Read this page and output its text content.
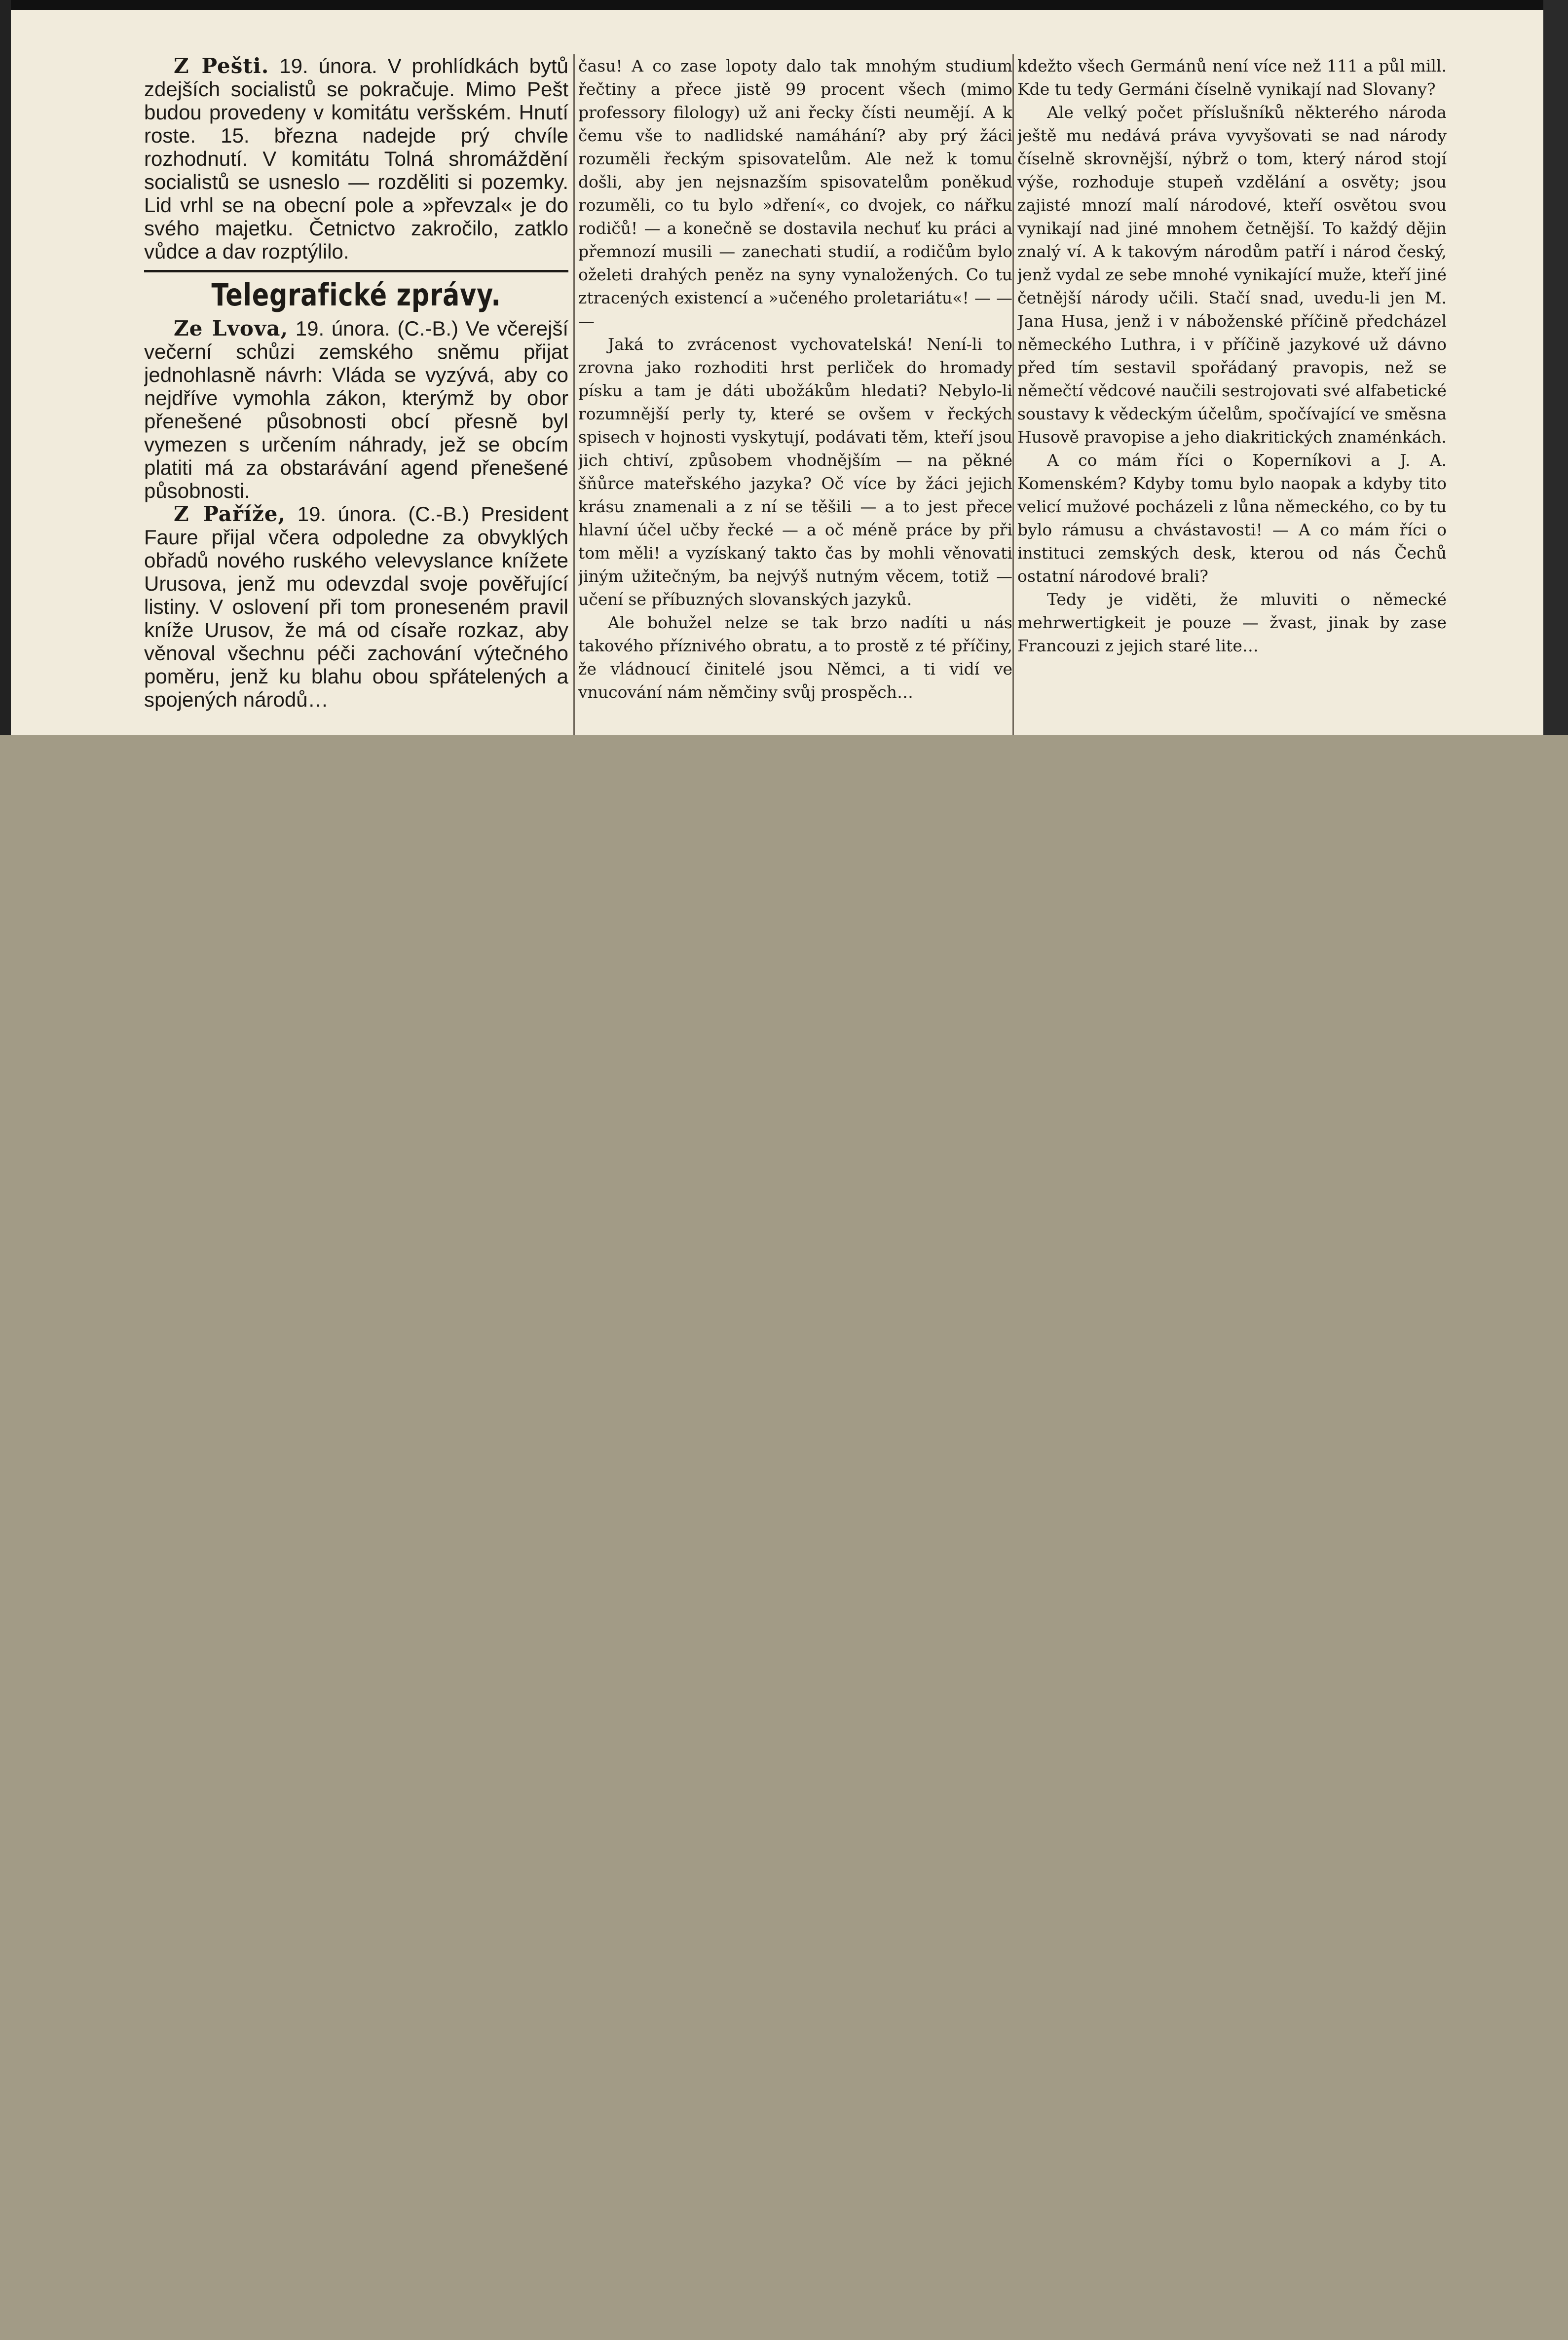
Z Pešti. 19. února. V prohlídkách bytů zdejších socialistů se pokračuje. Mimo Pešt budou provedeny v komitátu veršském. Hnutí roste. 15. března nadejde prý chvíle rozhodnutí. V komitátu Tolná shromáždění socialistů se usneslo — rozděliti si pozemky. Lid vrhl se na obecní pole a »převzal« je do svého majetku. Četnictvo zakročilo, zatklo vůdce a dav rozptýlilo.

Telegrafické zprávy.

Ze Lvova, 19. února. (C.-B.) Ve včerejší večerní schůzi zemského sněmu přijat jednohlasně návrh: Vláda se vyzývá, aby co nejdříve vymohla zákon, kterýmž by obor přenešené působnosti obcí přesně byl vymezen s určením náhrady, jež se obcím platiti má za obstarávání agend přenešené působnosti.

Z Paříže, 19. února. (C.-B.) President Faure přijal včera odpoledne za obvyklých obřadů nového ruského velevyslance knížete Urusova, jenž mu odevzdal svoje pověřující listiny. V oslovení při tom proneseném pravil kníže Urusov, že má od císaře rozkaz, aby věnoval všechnu péči zachování výtečného poměru, jenž ku blahu obou spřátelených a spojených národů…

času! A co zase lopoty dalo tak mnohým studium řečtiny a přece jistě 99 procent všech (mimo professory filology) už ani řecky čísti neumějí. A k čemu vše to nadlidské namáhání? aby prý žáci rozuměli řeckým spisovatelům. Ale než k tomu došli, aby jen nejsnazším spisovatelům poněkud rozuměli, co tu bylo »dření«, co dvojek, co nářku rodičů! — a konečně se dostavila nechuť ku práci a přemnozí musili — zanechati studií, a rodičům bylo oželeti drahých peněz na syny vynaložených. Co tu ztracených existencí a »učeného proletariátu«! — — —

Jaká to zvrácenost vychovatelská! Není-li to zrovna jako rozhoditi hrst perliček do hromady písku a tam je dáti ubožákům hledati? Nebylo-li rozumnější perly ty, které se ovšem v řeckých spisech v hojnosti vyskytují, podávati těm, kteří jsou jich chtiví, způsobem vhodnějším — na pěkné šňůrce mateřského jazyka? Oč více by žáci jejich krásu znamenali a z ní se těšili — a to jest přece hlavní účel učby řecké — a oč méně práce by při tom měli! a vyzískaný takto čas by mohli věnovati jiným užitečným, ba nejvýš nutným věcem, totiž — učení se příbuzných slovanských jazyků.

Ale bohužel nelze se tak brzo nadíti u nás takového příznivého obratu, a to prostě z té příčiny, že vládnoucí činitelé jsou Němci, a ti vidí ve vnucování nám němčiny svůj prospěch…

kdežto všech Germánů není více než 111 a půl mill. Kde tu tedy Germáni číselně vynikají nad Slovany?

Ale velký počet příslušníků některého národa ještě mu nedává práva vyvyšovati se nad národy číselně skrovnější, nýbrž o tom, který národ stojí výše, rozhoduje stupeň vzdělání a osvěty; jsou zajisté mnozí malí národové, kteří osvětou svou vynikají nad jiné mnohem četnější. To každý dějin znalý ví. A k takovým národům patří i národ český, jenž vydal ze sebe mnohé vynikající muže, kteří jiné četnější národy učili. Stačí snad, uvedu-li jen M. Jana Husa, jenž i v náboženské příčině předcházel německého Luthra, i v příčině jazykové už dávno před tím sestavil spořádaný pravopis, než se němečtí vědcové naučili sestrojovati své alfabetické soustavy k vědeckým účelům, spočívající ve směsna Husově pravopise a jeho diakritických znaménkách.

A co mám říci o Koperníkovi a J. A. Komenském? Kdyby tomu bylo naopak a kdyby tito velicí mužové pocházeli z lůna německého, co by tu bylo rámusu a chvástavosti! — A co mám říci o instituci zemských desk, kterou od nás Čechů ostatní národové brali?

Tedy je viděti, že mluviti o německé mehrwertigkeit je pouze — žvast, jinak by zase Francouzi z jejich staré lite…
